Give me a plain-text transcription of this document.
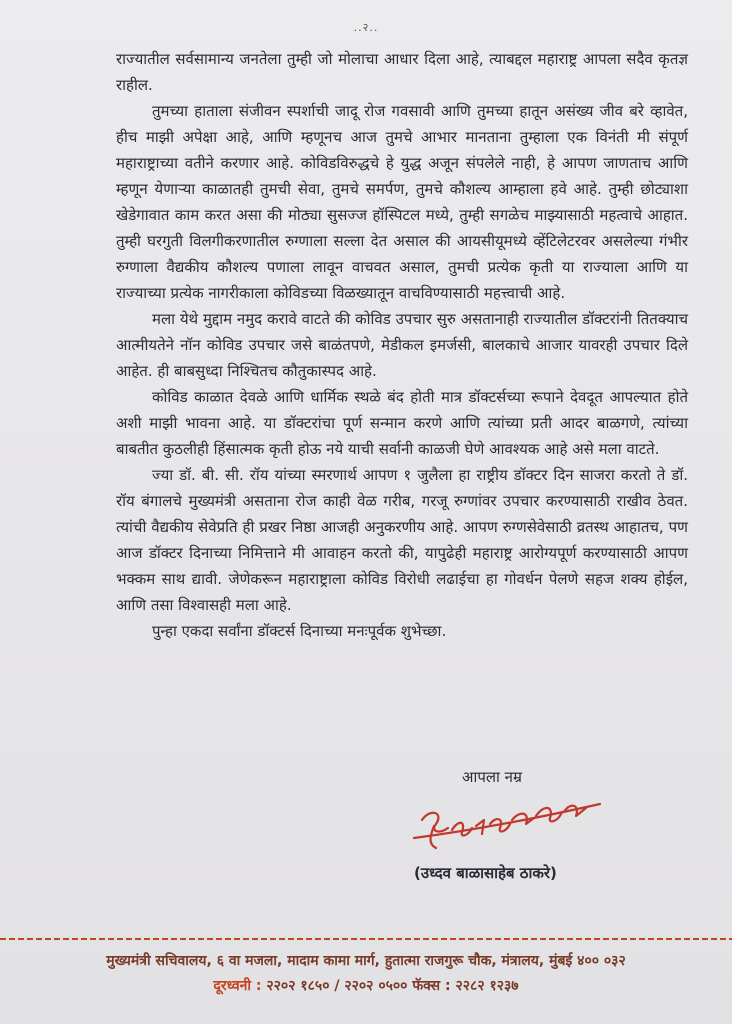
..२..

राज्यातील सर्वसामान्य जनतेला तुम्ही जो मोलाचा आधार दिला आहे, त्याबद्दल महाराष्ट्र आपला सदैव कृतज्ञ राहील.

तुमच्या हाताला संजीवन स्पर्शाची जादू रोज गवसावी आणि तुमच्या हातून असंख्य जीव बरे व्हावेत, हीच माझी अपेक्षा आहे, आणि म्हणूनच आज तुमचे आभार मानताना तुम्हाला एक विनंती मी संपूर्ण महाराष्ट्राच्या वतीने करणार आहे. कोविडविरुद्धचे हे युद्ध अजून संपलेले नाही, हे आपण जाणताच आणि म्हणून येणाऱ्या काळातही तुमची सेवा, तुमचे समर्पण, तुमचे कौशल्य आम्हाला हवे आहे. तुम्ही छोट्याशा खेडेगावात काम करत असा की मोठ्या सुसज्ज हॉस्पिटल मध्ये, तुम्ही सगळेच माझ्यासाठी महत्वाचे आहात. तुम्ही घरगुती विलगीकरणातील रुग्णाला सल्ला देत असाल की आयसीयूमध्ये व्हेंटिलेटरवर असलेल्या गंभीर रुग्णाला वैद्यकीय कौशल्य पणाला लावून वाचवत असाल, तुमची प्रत्येक कृती या राज्याला आणि या राज्याच्या प्रत्येक नागरीकाला कोविडच्या विळख्यातून वाचविण्यासाठी महत्त्वाची आहे.

मला येथे मुद्दाम नमुद करावे वाटते की कोविड उपचार सुरु असतानाही राज्यातील डॉक्टरांनी तितक्याच आत्मीयतेने नॉन कोविड उपचार जसे बाळंतपणे, मेडीकल इमर्जसी, बालकाचे आजार यावरही उपचार दिले आहेत. ही बाबसुध्दा निश्चितच कौतुकास्पद आहे.

कोविड काळात देवळे आणि धार्मिक स्थळे बंद होती मात्र डॉक्टर्सच्या रूपाने देवदूत आपल्यात होते अशी माझी भावना आहे. या डॉक्टरांचा पूर्ण सन्मान करणे आणि त्यांच्या प्रती आदर बाळगणे, त्यांच्या बाबतीत कुठलीही हिंसात्मक कृती होऊ नये याची सर्वानी काळजी घेणे आवश्यक आहे असे मला वाटते.

ज्या डॉ. बी. सी. रॉय यांच्या स्मरणार्थ आपण १ जुलैला हा राष्ट्रीय डॉक्टर दिन साजरा करतो ते डॉ. रॉय बंगालचे मुख्यमंत्री असताना रोज काही वेळ गरीब, गरजू रुग्णांवर उपचार करण्यासाठी राखीव ठेवत. त्यांची वैद्यकीय सेवेप्रति ही प्रखर निष्ठा आजही अनुकरणीय आहे. आपण रुग्णसेवेसाठी व्रतस्थ आहातच, पण आज डॉक्टर दिनाच्या निमित्ताने मी आवाहन करतो की, यापुढेही महाराष्ट्र आरोग्यपूर्ण करण्यासाठी आपण भक्कम साथ द्यावी. जेणेकरून महाराष्ट्राला कोविड विरोधी लढाईचा हा गोवर्धन पेलणे सहज शक्य होईल, आणि तसा विश्वासही मला आहे.

पुन्हा एकदा सर्वांना डॉक्टर्स दिनाच्या मनःपूर्वक शुभेच्छा.

आपला नम्र
(उध्दव बाळासाहेब ठाकरे)
मुख्यमंत्री सचिवालय, ६ वा मजला, मादाम कामा मार्ग, हुतात्मा राजगुरू चौक, मंत्रालय, मुंबई ४०० ०३२
दूरध्वनी : २२०२ १८५० / २२०२ ०५०० फॅक्स : २२८२ १२३७
